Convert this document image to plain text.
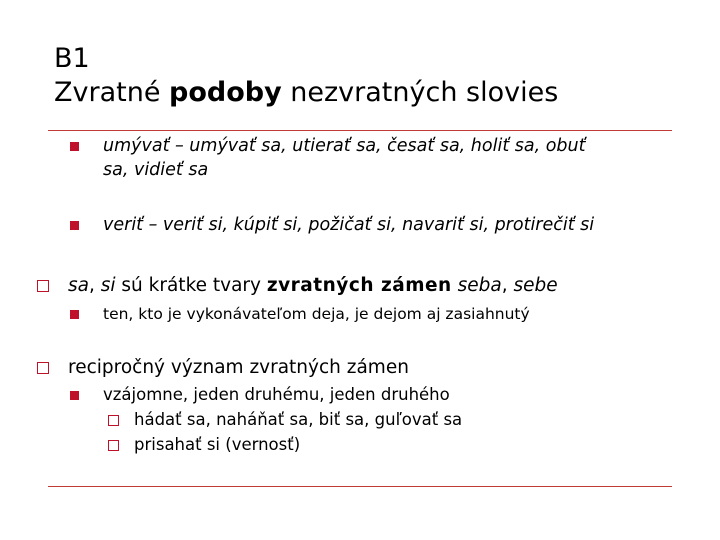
B1
Zvratné podoby nezvratných slovies
umývať – umývať sa, utierať sa, česať sa, holiť sa, obuť
sa, vidieť sa
veriť – veriť si, kúpiť si, požičať si, navariť si, protirečiť si
sa, si sú krátke tvary zvratných zámen seba, sebe
ten, kto je vykonávateľom deja, je dejom aj zasiahnutý
recipročný význam zvratných zámen
vzájomne, jeden druhému, jeden druhého
hádať sa, naháňať sa, biť sa, guľovať sa
prisahať si (vernosť)
